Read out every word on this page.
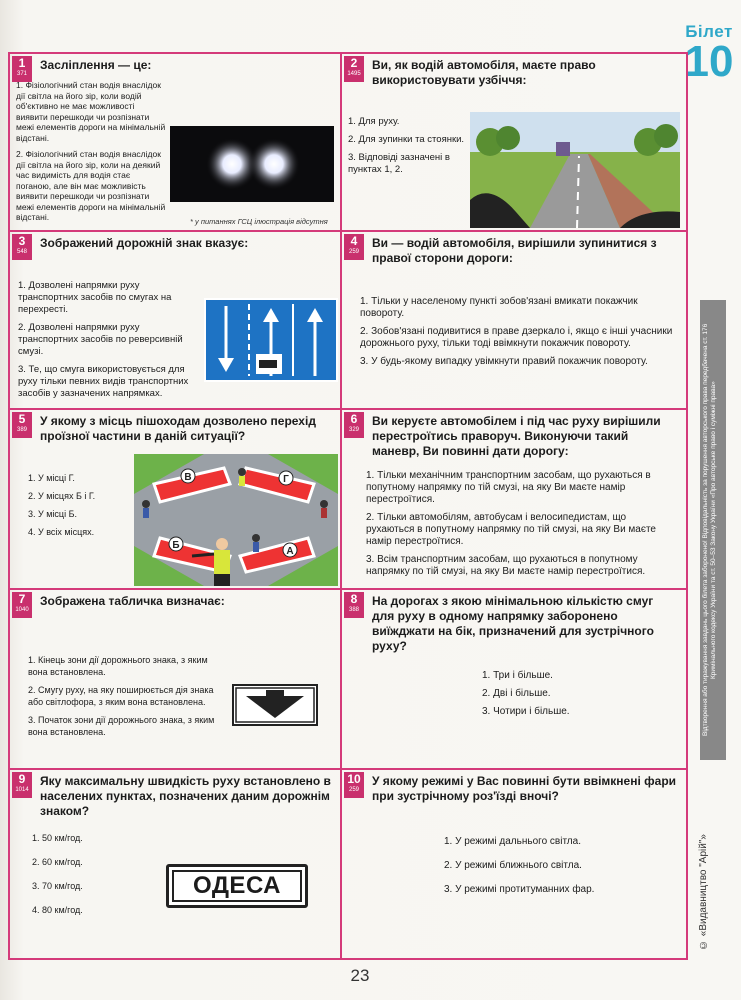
Білет
10
1
371
Засліплення — це:
1. Фізіологічний стан водія внаслідок дії світла на його зір, коли водій об'єктивно не має можливості виявити перешкоди чи розпізнати межі елементів дороги на мінімальній відстані.
2. Фізіологічний стан водія внаслідок дії світла на його зір, коли на деякий час видимість для водія стає поганою, але він має можливість виявити перешкоди чи розпізнати межі елементів дороги на мінімальній відстані.	* у питаннях ГСЦ ілюстрація відсутня
2
1495
Ви, як водій автомобіля, маєте право використовувати узбіччя:
1. Для руху.
2. Для зупинки та стоянки.
3. Відповіді зазначені в пунктах 1, 2.
3
548
Зображений дорожній знак вказує:
1. Дозволені напрямки руху транспортних засобів по смугах на перехресті.
2. Дозволені напрямки руху транспортних засобів по реверсивній смузі.
3. Те, що смуга використовується для руху тільки певних видів транспортних засобів у зазначених напрямках.
4
259
Ви — водій автомобіля, вирішили зупинитися з правої сторони дороги:
1. Тільки у населеному пункті зобов'язані вмикати покажчик повороту.
2. Зобов'язані подивитися в праве дзеркало і, якщо є інші учасники дорожнього руху, тільки тоді ввімкнути покажчик повороту.
3. У будь-якому випадку увімкнути правий покажчик повороту.
5
389
У якому з місць пішоходам дозволено перехід проїзної частини в даній ситуації?
1. У місці Г.
2. У місцях Б і Г.
3. У місці Б.
4. У всіх місцях.
В	Г
Б
А
6
329
Ви керуєте автомобілем і під час руху вирішили перестроїтись праворуч. Виконуючи такий маневр, Ви повинні дати дорогу:
1. Тільки механічним транспортним засобам, що рухаються в попутному напрямку по тій смузі, на яку Ви маєте намір перестроїтися.
2. Тільки автомобілям, автобусам і велосипедистам, що рухаються в попутному напрямку по тій смузі, на яку Ви маєте намір перестроїтися.
3. Всім транспортним засобам, що рухаються в попутному напрямку по тій смузі, на яку Ви маєте намір перестроїтися.
7
1040
Зображена табличка визначає:
1. Кінець зони дії дорожнього знака, з яким вона встановлена.
2. Смугу руху, на яку поширюється дія знака або світлофора, з яким вона встановлена.
3. Початок зони дії дорожнього знака, з яким вона встановлена.
8
388
На дорогах з якою мінімальною кількістю смуг для руху в одному напрямку заборонено виїжджати на бік, призначений для зустрічного руху?
1. Три і більше.
2. Дві і більше.
3. Чотири і більше.
9
1014
Яку максимальну швидкість руху встановлено в населених пунктах, позначених даним дорожнім знаком?
1. 50 км/год.
2. 60 км/год.
3. 70 км/год.
4. 80 км/год.
ОДЕСА
10
259
У якому режимі у Вас повинні бути ввімкнені фари при зустрічному роз'їзді вночі?
1. У режимі дальнього світла.
2. У режимі ближнього світла.
3. У режимі протитуманних фар.
Відтворення або тиражування завдань цього білета заборонено! Відповідальність за порушення авторського права передбачена ст. 176 Кримінального кодексу України та ст. 50–53 Закону України «Про авторське право і суміжні права»
© «Видавництво "Арій"»
23
